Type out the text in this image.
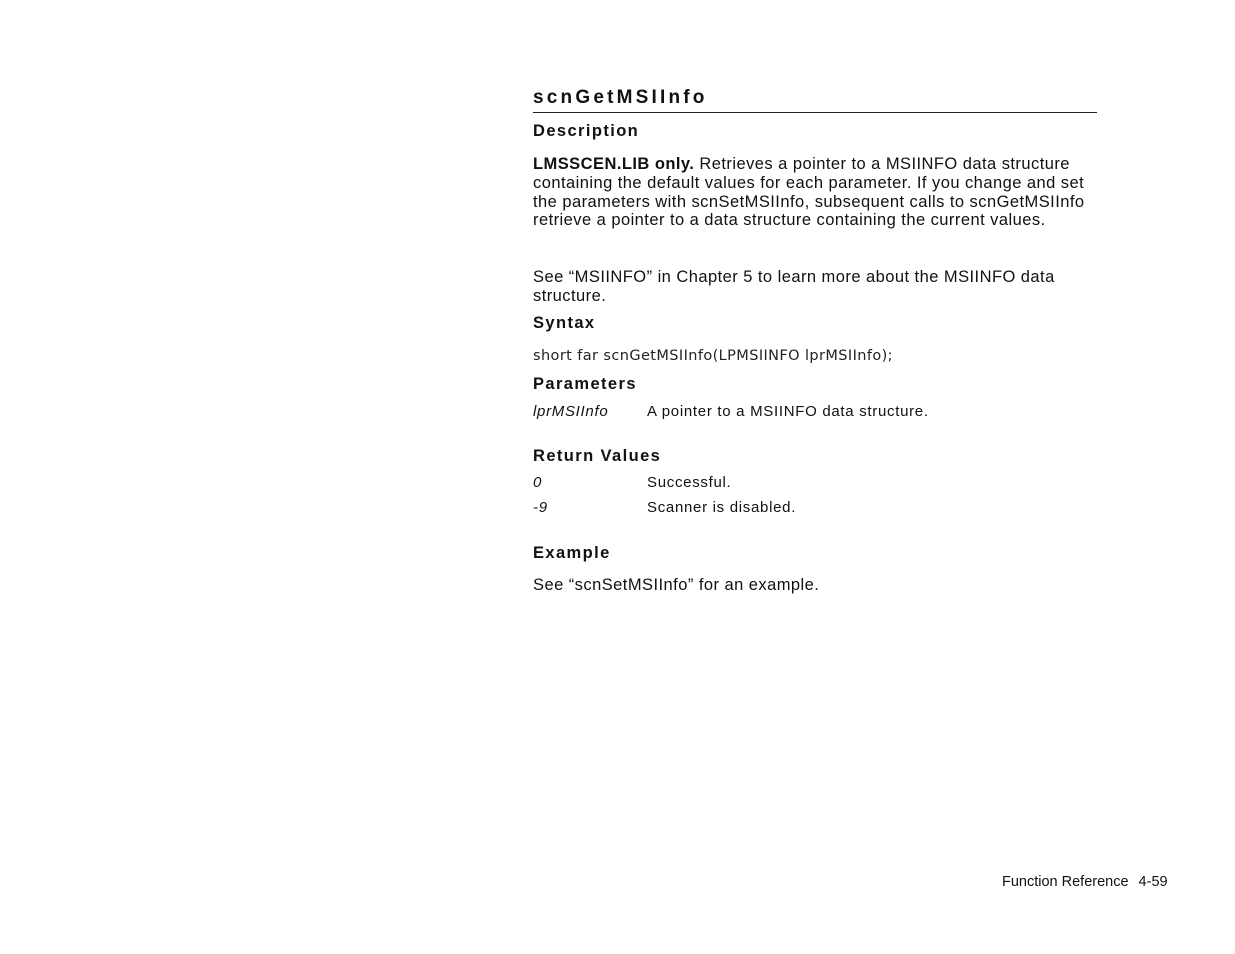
scnGetMSIInfo
Description

LMSSCEN.LIB only. Retrieves a pointer to a MSIINFO data structure containing the default values for each parameter. If you change and set the parameters with scnSetMSIInfo, subsequent calls to scnGetMSIInfo retrieve a pointer to a data structure containing the current values.

See “MSIINFO” in Chapter 5 to learn more about the MSIINFO data structure.

Syntax

short far scnGetMSIInfo(LPMSIINFO lprMSIInfo);

Parameters
lprMSIInfo	A pointer to a MSIINFO data structure.
Return Values
0	Successful.
-9	Scanner is disabled.
Example

See “scnSetMSIInfo” for an example.

Function Reference 4-59
